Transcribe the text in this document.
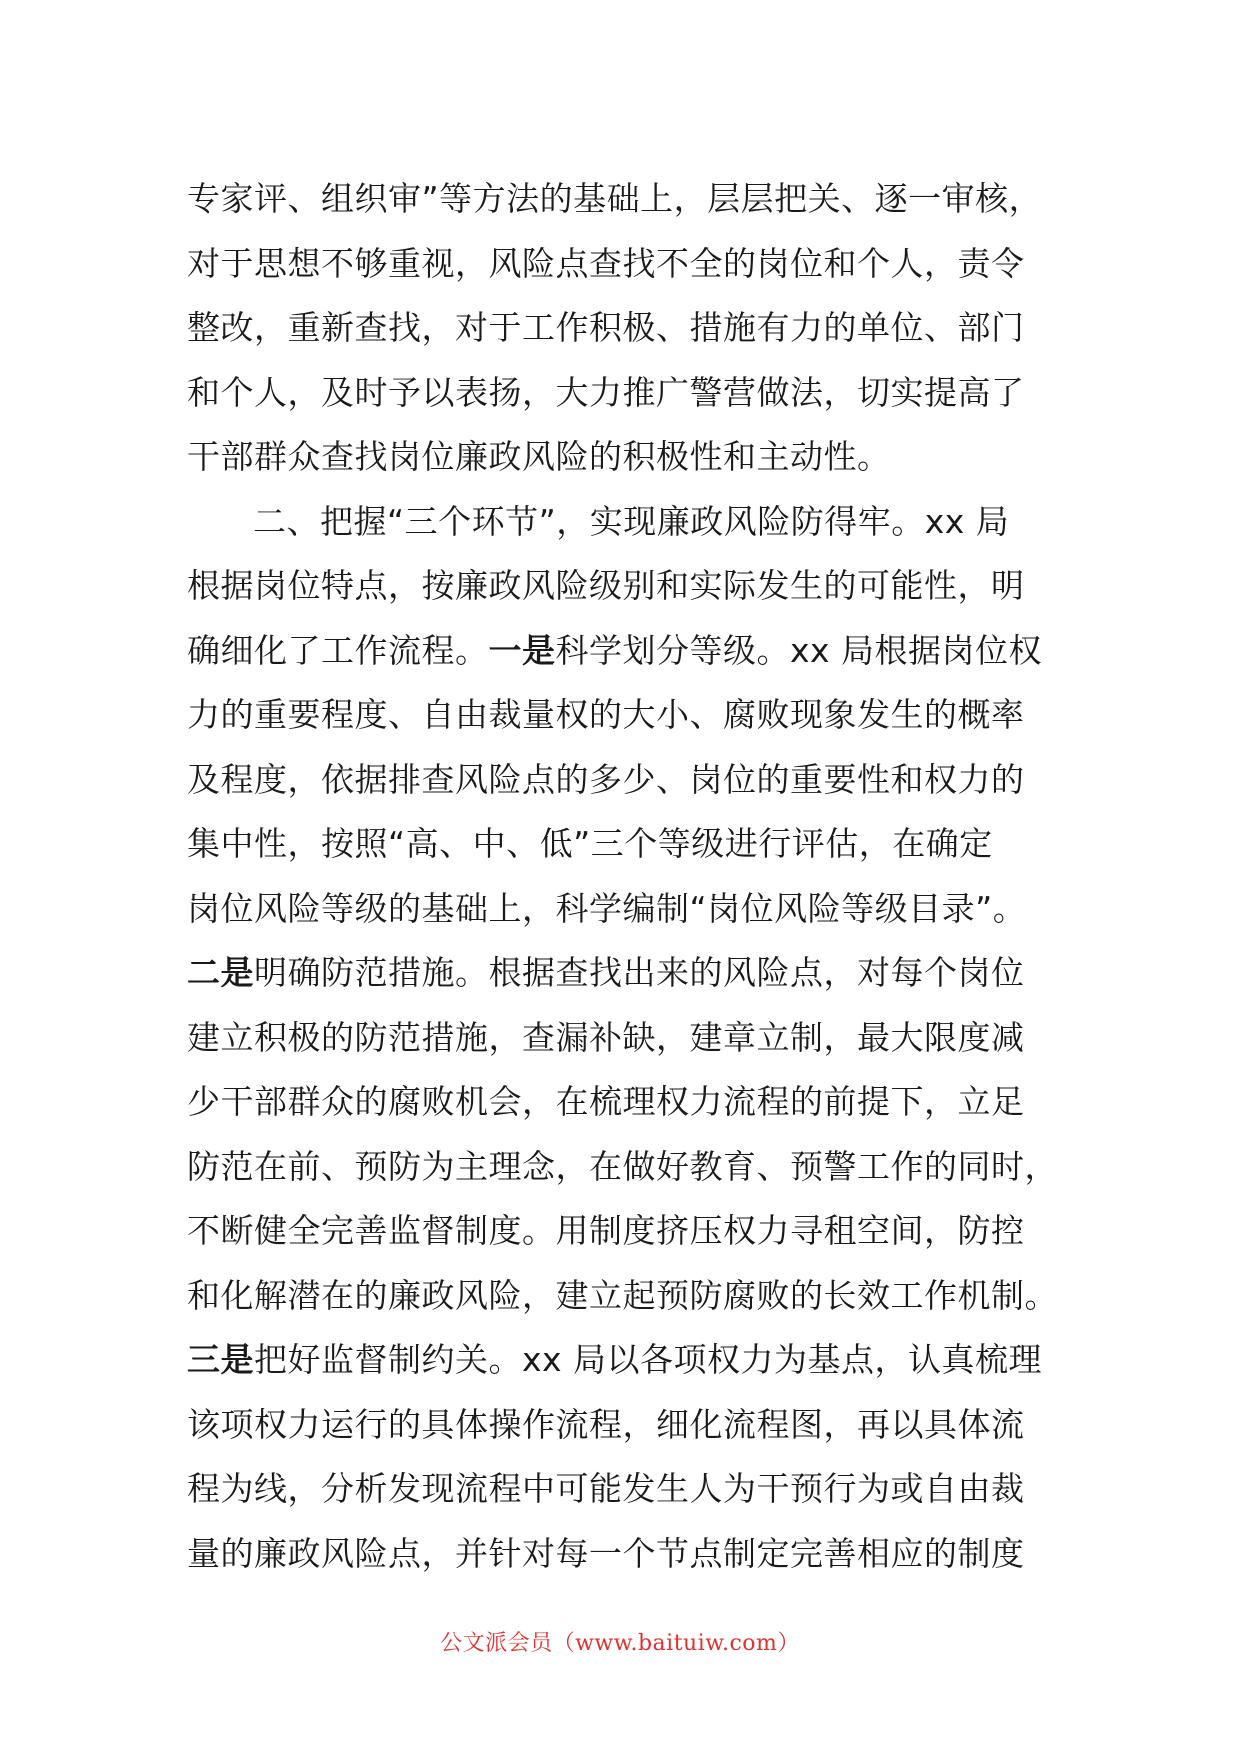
专家评、组织审”等方法的基础上，层层把关、逐一审核，
对于思想不够重视，风险点查找不全的岗位和个人，责令
整改，重新查找，对于工作积极、措施有力的单位、部门
和个人，及时予以表扬，大力推广警营做法，切实提高了
干部群众查找岗位廉政风险的积极性和主动性。
二、把握“三个环节”，实现廉政风险防得牢。xx 局
根据岗位特点，按廉政风险级别和实际发生的可能性，明
确细化了工作流程。一是科学划分等级。xx 局根据岗位权
力的重要程度、自由裁量权的大小、腐败现象发生的概率
及程度，依据排查风险点的多少、岗位的重要性和权力的
集中性，按照“高、中、低”三个等级进行评估，在确定
岗位风险等级的基础上，科学编制“岗位风险等级目录”。
二是明确防范措施。根据查找出来的风险点，对每个岗位
建立积极的防范措施，查漏补缺，建章立制，最大限度减
少干部群众的腐败机会，在梳理权力流程的前提下，立足
防范在前、预防为主理念，在做好教育、预警工作的同时，
不断健全完善监督制度。用制度挤压权力寻租空间，防控
和化解潜在的廉政风险，建立起预防腐败的长效工作机制。
三是把好监督制约关。xx 局以各项权力为基点，认真梳理
该项权力运行的具体操作流程，细化流程图，再以具体流
程为线，分析发现流程中可能发生人为干预行为或自由裁
量的廉政风险点，并针对每一个节点制定完善相应的制度
公文派会员（www.baituiw.com）
